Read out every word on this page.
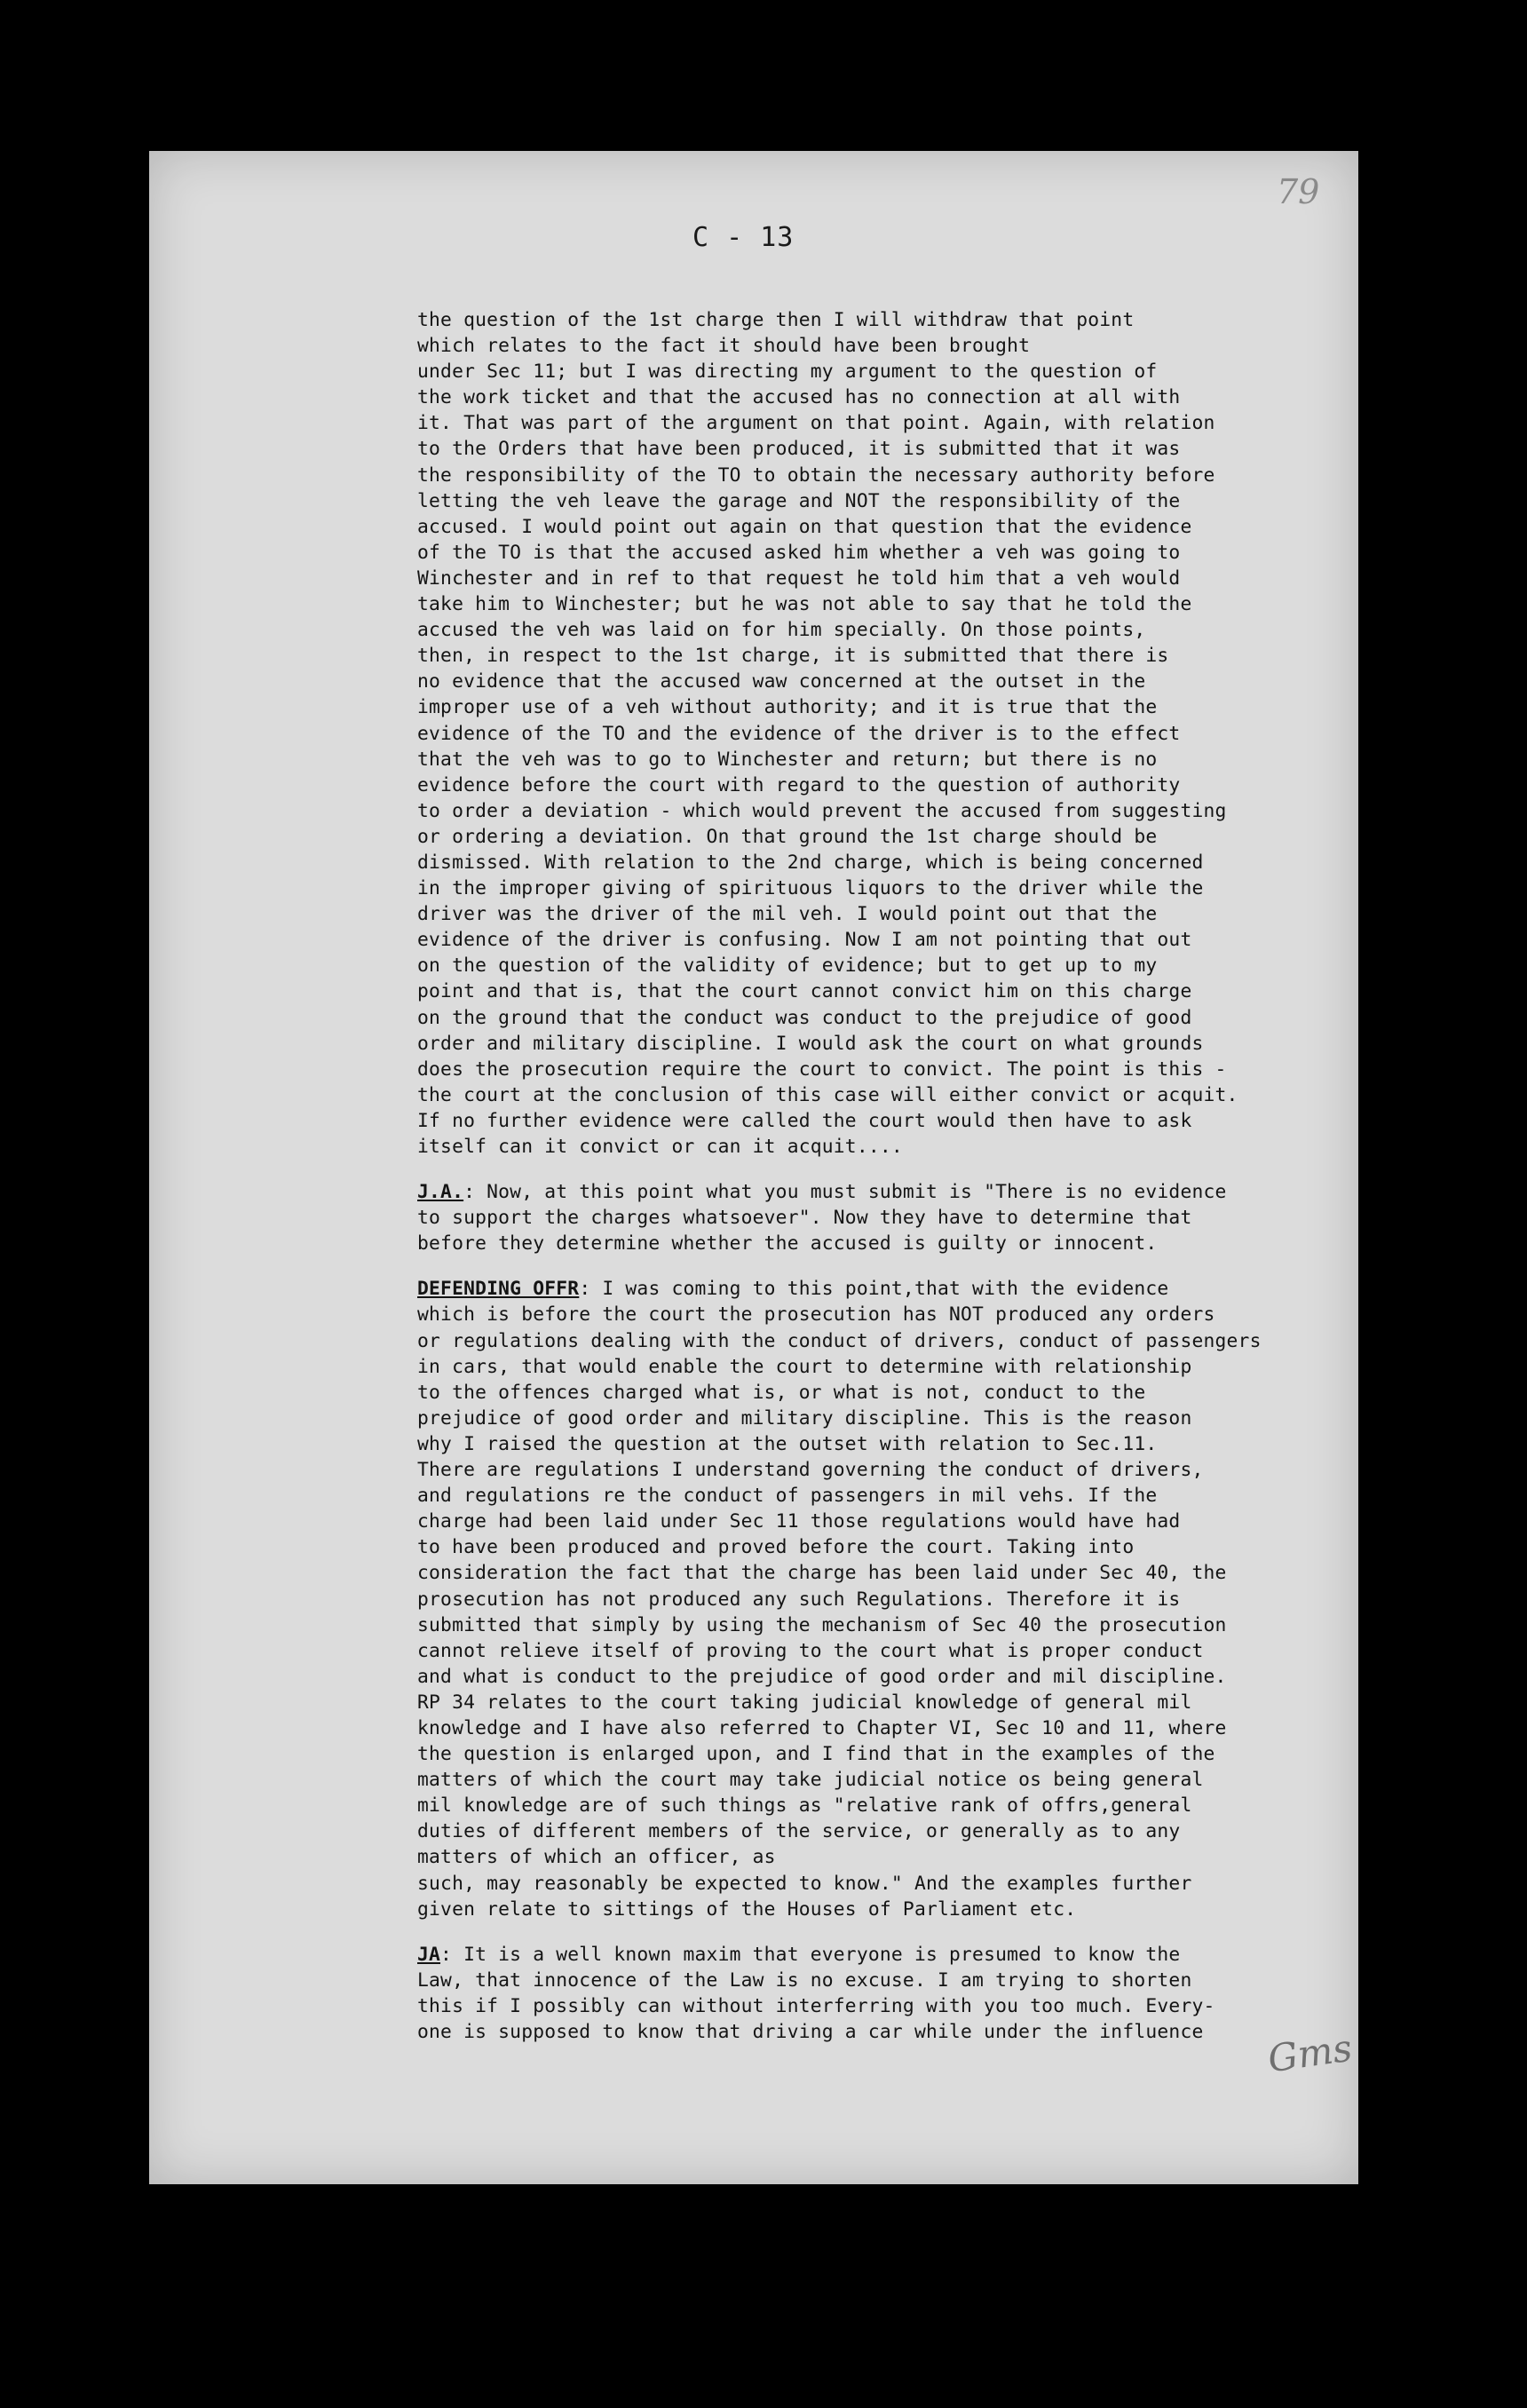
79
C - 13

the question of the 1st charge then I will withdraw that point
which relates to the fact it should have been brought
under Sec 11; but I was directing my argument to the question of
the work ticket and that the accused has no connection at all with
it. That was part of the argument on that point. Again, with relation
to the Orders that have been produced, it is submitted that it was
the responsibility of the TO to obtain the necessary authority before
letting the veh leave the garage and NOT the responsibility of the
accused. I would point out again on that question that the evidence
of the TO is that the accused asked him whether a veh was going to
Winchester and in ref to that request he told him that a veh would
take him to Winchester; but he was not able to say that he told the
accused the veh was laid on for him specially. On those points,
then, in respect to the 1st charge, it is submitted that there is
no evidence that the accused waw concerned at the outset in the
improper use of a veh without authority; and it is true that the
evidence of the TO and the evidence of the driver is to the effect
that the veh was to go to Winchester and return; but there is no
evidence before the court with regard to the question of authority
to order a deviation - which would prevent the accused from suggesting
or ordering a deviation. On that ground the 1st charge should be
dismissed. With relation to the 2nd charge, which is being concerned
in the improper giving of spirituous liquors to the driver while the
driver was the driver of the mil veh. I would point out that the
evidence of the driver is confusing. Now I am not pointing that out
on the question of the validity of evidence; but to get up to my
point and that is, that the court cannot convict him on this charge
on the ground that the conduct was conduct to the prejudice of good
order and military discipline. I would ask the court on what grounds
does the prosecution require the court to convict. The point is this -
the court at the conclusion of this case will either convict or acquit.
If no further evidence were called the court would then have to ask
itself can it convict or can it acquit....

J.A.: Now, at this point what you must submit is "There is no evidence
to support the charges whatsoever". Now they have to determine that
before they determine whether the accused is guilty or innocent.

DEFENDING OFFR: I was coming to this point,that with the evidence
which is before the court the prosecution has NOT produced any orders
or regulations dealing with the conduct of drivers, conduct of passengers
in cars, that would enable the court to determine with relationship
to the offences charged what is, or what is not, conduct to the
prejudice of good order and military discipline. This is the reason
why I raised the question at the outset with relation to Sec.11.
There are regulations I understand governing the conduct of drivers,
and regulations re the conduct of passengers in mil vehs. If the
charge had been laid under Sec 11 those regulations would have had
to have been produced and proved before the court. Taking into
consideration the fact that the charge has been laid under Sec 40, the
prosecution has not produced any such Regulations. Therefore it is
submitted that simply by using the mechanism of Sec 40 the prosecution
cannot relieve itself of proving to the court what is proper conduct
and what is conduct to the prejudice of good order and mil discipline.
RP 34 relates to the court taking judicial knowledge of general mil
knowledge and I have also referred to Chapter VI, Sec 10 and 11, where
the question is enlarged upon, and I find that in the examples of the
matters of which the court may take judicial notice os being general
mil knowledge are of such things as "relative rank of offrs,general
duties of different members of the service, or generally as to any
matters of which an officer, as
such, may reasonably be expected to know." And the examples further
given relate to sittings of the Houses of Parliament etc.

JA: It is a well known maxim that everyone is presumed to know the
Law, that innocence of the Law is no excuse. I am trying to shorten
this if I possibly can without interferring with you too much. Every-
one is supposed to know that driving a car while under the influence	Gms
